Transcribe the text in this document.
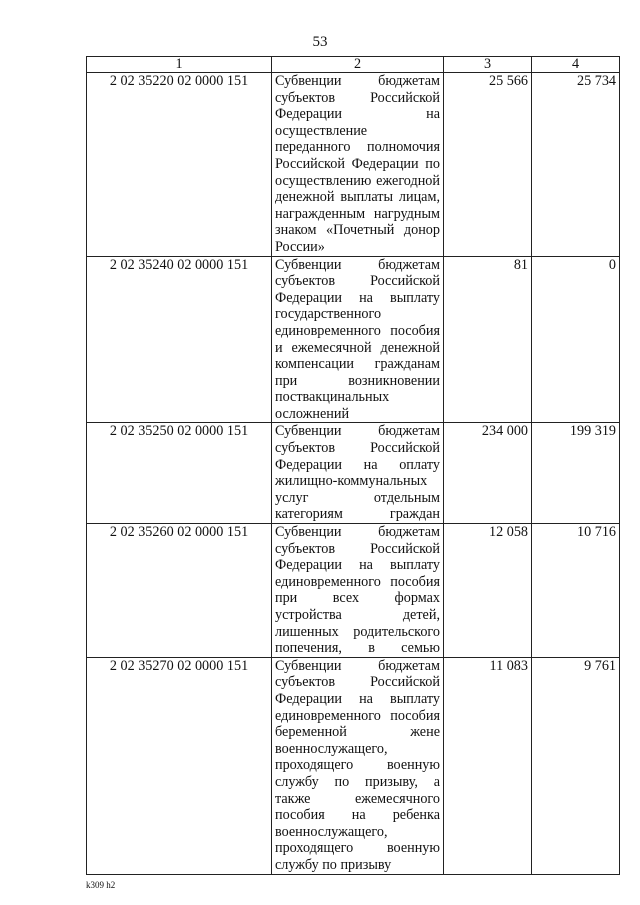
53
1	2	3	4
2 02 35220 02 0000 151	Субвенции бюджетам субъектов Российской Федерации на осуществление переданного полномочия Российской Федерации по осуществлению ежегодной денежной выплаты лицам, награжденным нагрудным знаком «Почетный донор России»	25 566	25 734
2 02 35240 02 0000 151	Субвенции бюджетам субъектов Российской Федерации на выплату государственного единовременного пособия и ежемесячной денежной компенсации гражданам при возникновении поствакцинальных осложнений	81	0
2 02 35250 02 0000 151	Субвенции бюджетам субъектов Российской Федерации на оплату жилищно-коммунальных услуг отдельным категориям граждан	234 000	199 319
2 02 35260 02 0000 151	Субвенции бюджетам субъектов Российской Федерации на выплату единовременного пособия при всех формах устройства детей, лишенных родительского попечения, в семью	12 058	10 716
2 02 35270 02 0000 151	Субвенции бюджетам субъектов Российской Федерации на выплату единовременного пособия беременной жене военнослужащего, проходящего военную службу по призыву, а также ежемесячного пособия на ребенка военнослужащего, проходящего военную службу по призыву	11 083	9 761
k309 h2
